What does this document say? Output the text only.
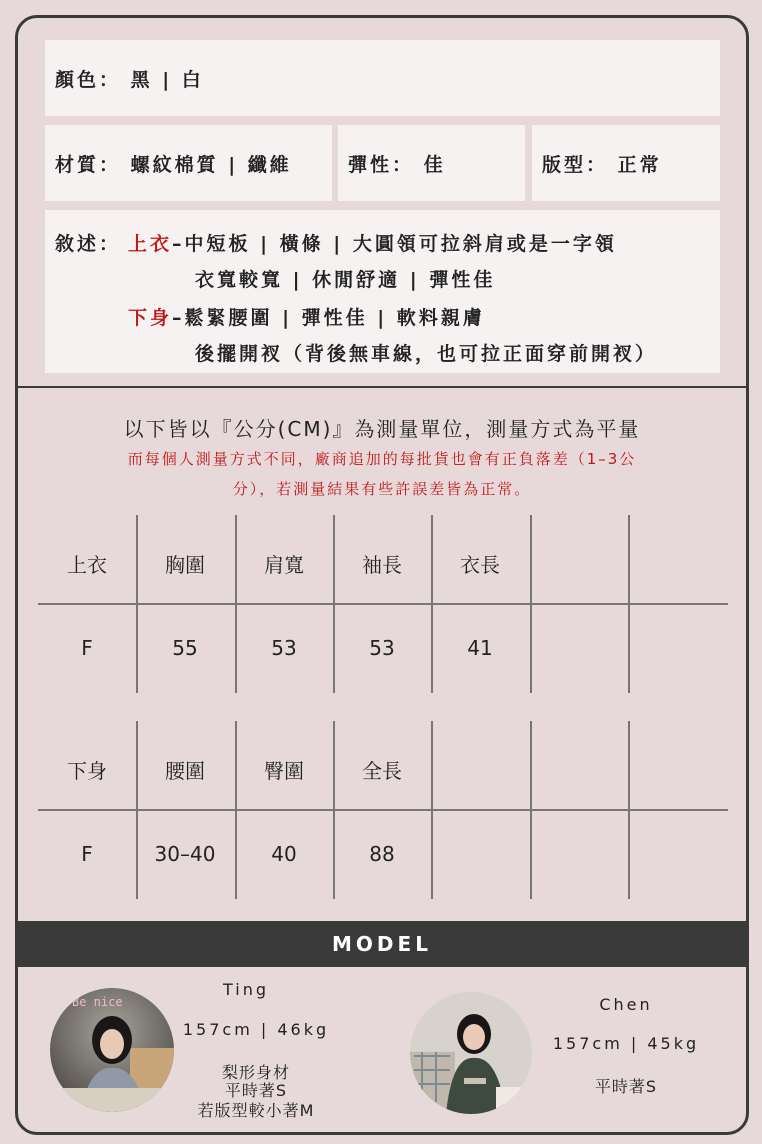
顏色： 黑 | 白
材質： 螺紋棉質 | 纖維	彈性： 佳	版型： 正常
敘述： 上衣–中短板 | 橫條 | 大圓領可拉斜肩或是一字領
衣寬較寬 | 休閒舒適 | 彈性佳
下身–鬆緊腰圍 | 彈性佳 | 軟料親膚
後擺開衩（背後無車線，也可拉正面穿前開衩）
以下皆以『公分(CM)』為測量單位，測量方式為平量
而每個人測量方式不同，廠商追加的每批貨也會有正負落差（1–3公
分），若測量結果有些許誤差皆為正常。
上衣	胸圍	肩寬	袖長	衣長
F	55	53	53	41
下身	腰圍	臀圍	全長
F	30–40	40	88
MODEL
Be nice
Ting
157cm | 46kg
梨形身材
平時著S
若版型較小著M
Chen
157cm | 45kg
平時著S
